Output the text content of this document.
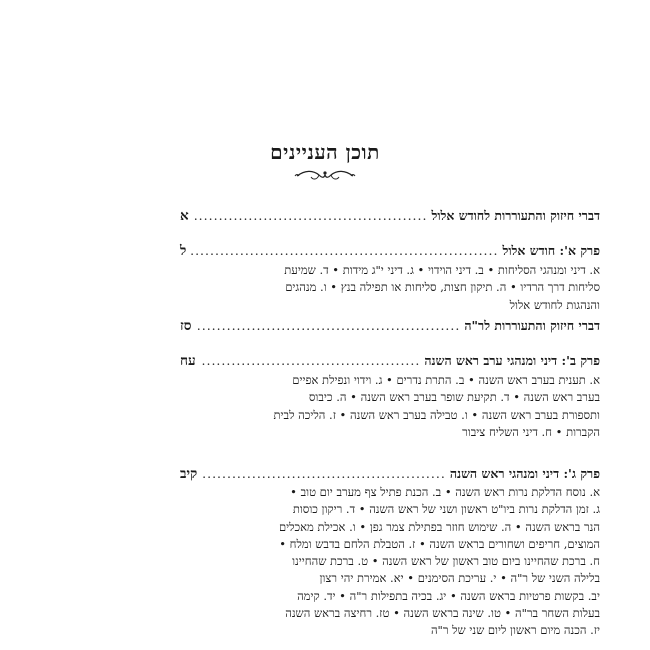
תוכן העניינים
דברי חיזוק והתעוררות לחודש אלול
.....
א
פרק א': חודש אלול
.....
ל
א. דיני ומנהגי הסליחות • ב. דיני הוידוי • ג. דיני י"ג מידות • ד. שמיעת
סליחות דרך הרדיו • ה. תיקון חצות, סליחות או תפילה בנץ • ו. מנהגים
והנהגות לחודש אלול
דברי חיזוק והתעוררות לר"ה
.....
סז
פרק ב': דיני ומנהגי ערב ראש השנה
.....
עח
א. תענית בערב ראש השנה • ב. התרת נדרים • ג. וידוי ונפילת אפיים
בערב ראש השנה • ד. תקיעת שופר בערב ראש השנה • ה. כיבוס
ותספורת בערב ראש השנה • ו. טבילה בערב ראש השנה • ז. הליכה לבית
הקברות • ח. דיני השליח ציבור
פרק ג': דיני ומנהגי ראש השנה
.....
קיב
א. נוסח הדלקת נרות ראש השנה • ב. הכנת פתיל צף מערב יום טוב •
ג. זמן הדלקת נרות ביו"ט ראשון ושני של ראש השנה • ד. ריקון כוסות
הנר בראש השנה • ה. שימוש חוזר בפתילת צמר גפן • ו. אכילת מאכלים
המוצים, חריפים ושחורים בראש השנה • ז. הטבלת הלחם בדבש ומלח •
ח. ברכת שהחיינו ביום טוב ראשון של ראש השנה • ט. ברכת שהחיינו
בלילה השני של ר"ה • י. עריכת הסימנים • יא. אמירת יהי רצון
יב. בקשות פרטיות בראש השנה • יג. בכיה בתפילות ר"ה • יד. קימה
בעלות השחר בר"ה • טו. שינה בראש השנה • טז. רחיצה בראש השנה
יז. הכנה מיום ראשון ליום שני של ר"ה
